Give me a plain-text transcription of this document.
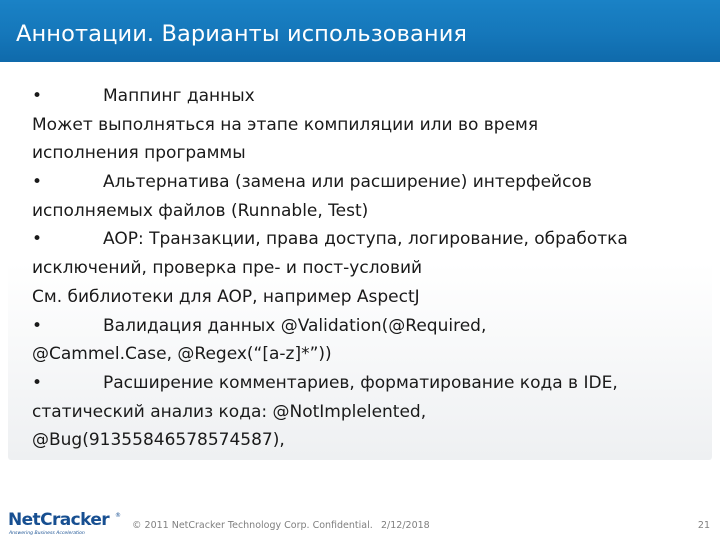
Аннотации. Варианты использования
•	Маппинг данных
Может выполняться на этапе компиляции или во время
исполнения программы
•	Альтернатива (замена или расширение) интерфейсов
исполняемых файлов (Runnable, Test)
•	AOP: Транзакции, права доступа, логирование, обработка
исключений, проверка пре- и пост-условий
См. библиотеки для AOP, например AspectJ
•	Валидация данных @Validation(@Required,
@Cammel.Case, @Regex(“[a-z]*”))
•	Расширение комментариев, форматирование кода в IDE,
статический анализ кода: @NotImplelented,
@Bug(91355846578574587),
NetCracker ®
Answering Business Acceleration
© 2011 NetCracker Technology Corp. Confidential. 2/12/2018	21
